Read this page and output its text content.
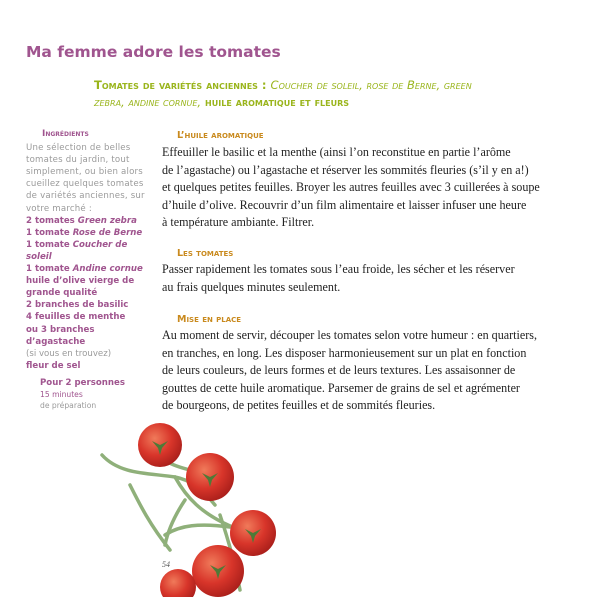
Ma femme adore les tomates
Tomates de variétés anciennes : Coucher de soleil, rose de Berne, green zebra, andine cornue, huile aromatique et fleurs
Ingrédients
Une sélection de belles tomates du jardin, tout simplement, ou bien alors cueillez quelques tomates de variétés anciennes, sur votre marché :
2 tomates Green zebra
1 tomate Rose de Berne
1 tomate Coucher de soleil
1 tomate Andine cornue
huile d’olive vierge de grande qualité
2 branches de basilic
4 feuilles de menthe
ou 3 branches d’agastache
(si vous en trouvez)
fleur de sel
Pour 2 personnes
15 minutes
de préparation
L’huile aromatique
Effeuiller le basilic et la menthe (ainsi l’on reconstitue en partie l’arôme
de l’agastache) ou l’agastache et réserver les sommités fleuries (s’il y en a!)
et quelques petites feuilles. Broyer les autres feuilles avec 3 cuillerées à soupe
d’huile d’olive. Recouvrir d’un film alimentaire et laisser infuser une heure
à température ambiante. Filtrer.
Les tomates
Passer rapidement les tomates sous l’eau froide, les sécher et les réserver
au frais quelques minutes seulement.
Mise en place
Au moment de servir, découper les tomates selon votre humeur : en quartiers,
en tranches, en long. Les disposer harmonieusement sur un plat en fonction
de leurs couleurs, de leurs formes et de leurs textures. Les assaisonner de
gouttes de cette huile aromatique. Parsemer de grains de sel et agrémenter
de bourgeons, de petites feuilles et de sommités fleuries.
54
